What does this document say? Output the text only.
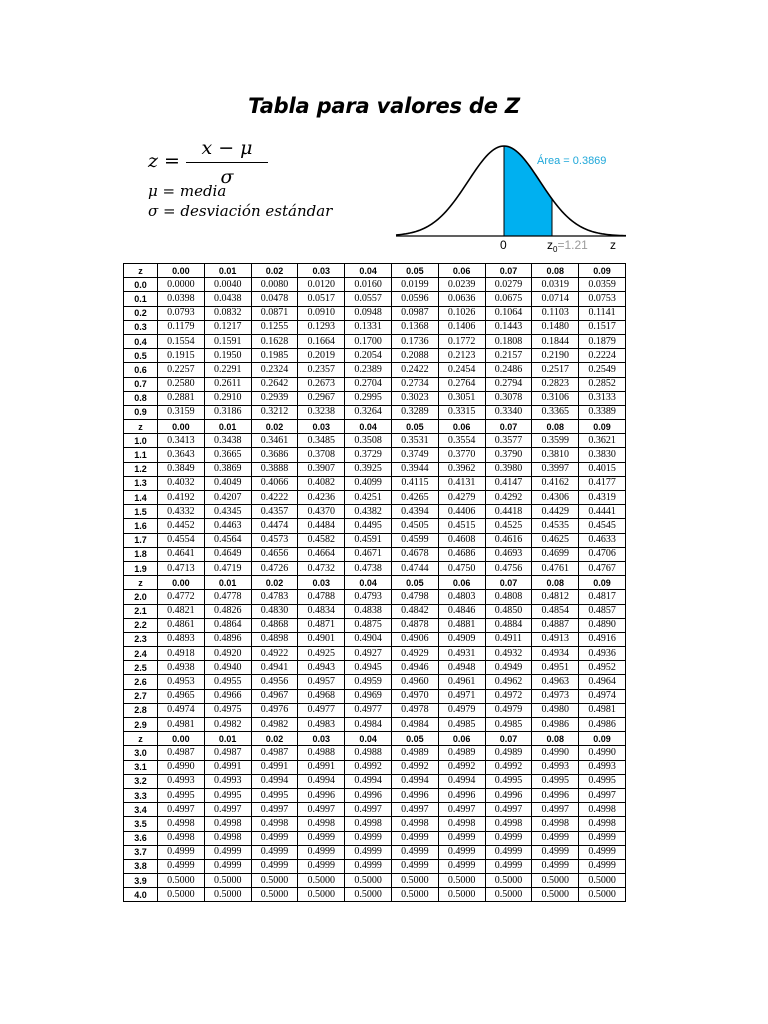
Tabla para valores de Z
z =
x − μ
σ
μ = media
σ = desviación estándar
Área = 0.3869
0	$z_0=1.21$ z
z	0.00	0.01	0.02	0.03	0.04	0.05	0.06	0.07	0.08	0.09
0.0	0.0000	0.0040	0.0080	0.0120	0.0160	0.0199	0.0239	0.0279	0.0319	0.0359
0.1	0.0398	0.0438	0.0478	0.0517	0.0557	0.0596	0.0636	0.0675	0.0714	0.0753
0.2	0.0793	0.0832	0.0871	0.0910	0.0948	0.0987	0.1026	0.1064	0.1103	0.1141
0.3	0.1179	0.1217	0.1255	0.1293	0.1331	0.1368	0.1406	0.1443	0.1480	0.1517
0.4	0.1554	0.1591	0.1628	0.1664	0.1700	0.1736	0.1772	0.1808	0.1844	0.1879
0.5	0.1915	0.1950	0.1985	0.2019	0.2054	0.2088	0.2123	0.2157	0.2190	0.2224
0.6	0.2257	0.2291	0.2324	0.2357	0.2389	0.2422	0.2454	0.2486	0.2517	0.2549
0.7	0.2580	0.2611	0.2642	0.2673	0.2704	0.2734	0.2764	0.2794	0.2823	0.2852
0.8	0.2881	0.2910	0.2939	0.2967	0.2995	0.3023	0.3051	0.3078	0.3106	0.3133
0.9	0.3159	0.3186	0.3212	0.3238	0.3264	0.3289	0.3315	0.3340	0.3365	0.3389
z	0.00	0.01	0.02	0.03	0.04	0.05	0.06	0.07	0.08	0.09
1.0	0.3413	0.3438	0.3461	0.3485	0.3508	0.3531	0.3554	0.3577	0.3599	0.3621
1.1	0.3643	0.3665	0.3686	0.3708	0.3729	0.3749	0.3770	0.3790	0.3810	0.3830
1.2	0.3849	0.3869	0.3888	0.3907	0.3925	0.3944	0.3962	0.3980	0.3997	0.4015
1.3	0.4032	0.4049	0.4066	0.4082	0.4099	0.4115	0.4131	0.4147	0.4162	0.4177
1.4	0.4192	0.4207	0.4222	0.4236	0.4251	0.4265	0.4279	0.4292	0.4306	0.4319
1.5	0.4332	0.4345	0.4357	0.4370	0.4382	0.4394	0.4406	0.4418	0.4429	0.4441
1.6	0.4452	0.4463	0.4474	0.4484	0.4495	0.4505	0.4515	0.4525	0.4535	0.4545
1.7	0.4554	0.4564	0.4573	0.4582	0.4591	0.4599	0.4608	0.4616	0.4625	0.4633
1.8	0.4641	0.4649	0.4656	0.4664	0.4671	0.4678	0.4686	0.4693	0.4699	0.4706
1.9	0.4713	0.4719	0.4726	0.4732	0.4738	0.4744	0.4750	0.4756	0.4761	0.4767
z	0.00	0.01	0.02	0.03	0.04	0.05	0.06	0.07	0.08	0.09
2.0	0.4772	0.4778	0.4783	0.4788	0.4793	0.4798	0.4803	0.4808	0.4812	0.4817
2.1	0.4821	0.4826	0.4830	0.4834	0.4838	0.4842	0.4846	0.4850	0.4854	0.4857
2.2	0.4861	0.4864	0.4868	0.4871	0.4875	0.4878	0.4881	0.4884	0.4887	0.4890
2.3	0.4893	0.4896	0.4898	0.4901	0.4904	0.4906	0.4909	0.4911	0.4913	0.4916
2.4	0.4918	0.4920	0.4922	0.4925	0.4927	0.4929	0.4931	0.4932	0.4934	0.4936
2.5	0.4938	0.4940	0.4941	0.4943	0.4945	0.4946	0.4948	0.4949	0.4951	0.4952
2.6	0.4953	0.4955	0.4956	0.4957	0.4959	0.4960	0.4961	0.4962	0.4963	0.4964
2.7	0.4965	0.4966	0.4967	0.4968	0.4969	0.4970	0.4971	0.4972	0.4973	0.4974
2.8	0.4974	0.4975	0.4976	0.4977	0.4977	0.4978	0.4979	0.4979	0.4980	0.4981
2.9	0.4981	0.4982	0.4982	0.4983	0.4984	0.4984	0.4985	0.4985	0.4986	0.4986
z	0.00	0.01	0.02	0.03	0.04	0.05	0.06	0.07	0.08	0.09
3.0	0.4987	0.4987	0.4987	0.4988	0.4988	0.4989	0.4989	0.4989	0.4990	0.4990
3.1	0.4990	0.4991	0.4991	0.4991	0.4992	0.4992	0.4992	0.4992	0.4993	0.4993
3.2	0.4993	0.4993	0.4994	0.4994	0.4994	0.4994	0.4994	0.4995	0.4995	0.4995
3.3	0.4995	0.4995	0.4995	0.4996	0.4996	0.4996	0.4996	0.4996	0.4996	0.4997
3.4	0.4997	0.4997	0.4997	0.4997	0.4997	0.4997	0.4997	0.4997	0.4997	0.4998
3.5	0.4998	0.4998	0.4998	0.4998	0.4998	0.4998	0.4998	0.4998	0.4998	0.4998
3.6	0.4998	0.4998	0.4999	0.4999	0.4999	0.4999	0.4999	0.4999	0.4999	0.4999
3.7	0.4999	0.4999	0.4999	0.4999	0.4999	0.4999	0.4999	0.4999	0.4999	0.4999
3.8	0.4999	0.4999	0.4999	0.4999	0.4999	0.4999	0.4999	0.4999	0.4999	0.4999
3.9	0.5000	0.5000	0.5000	0.5000	0.5000	0.5000	0.5000	0.5000	0.5000	0.5000
4.0	0.5000	0.5000	0.5000	0.5000	0.5000	0.5000	0.5000	0.5000	0.5000	0.5000
